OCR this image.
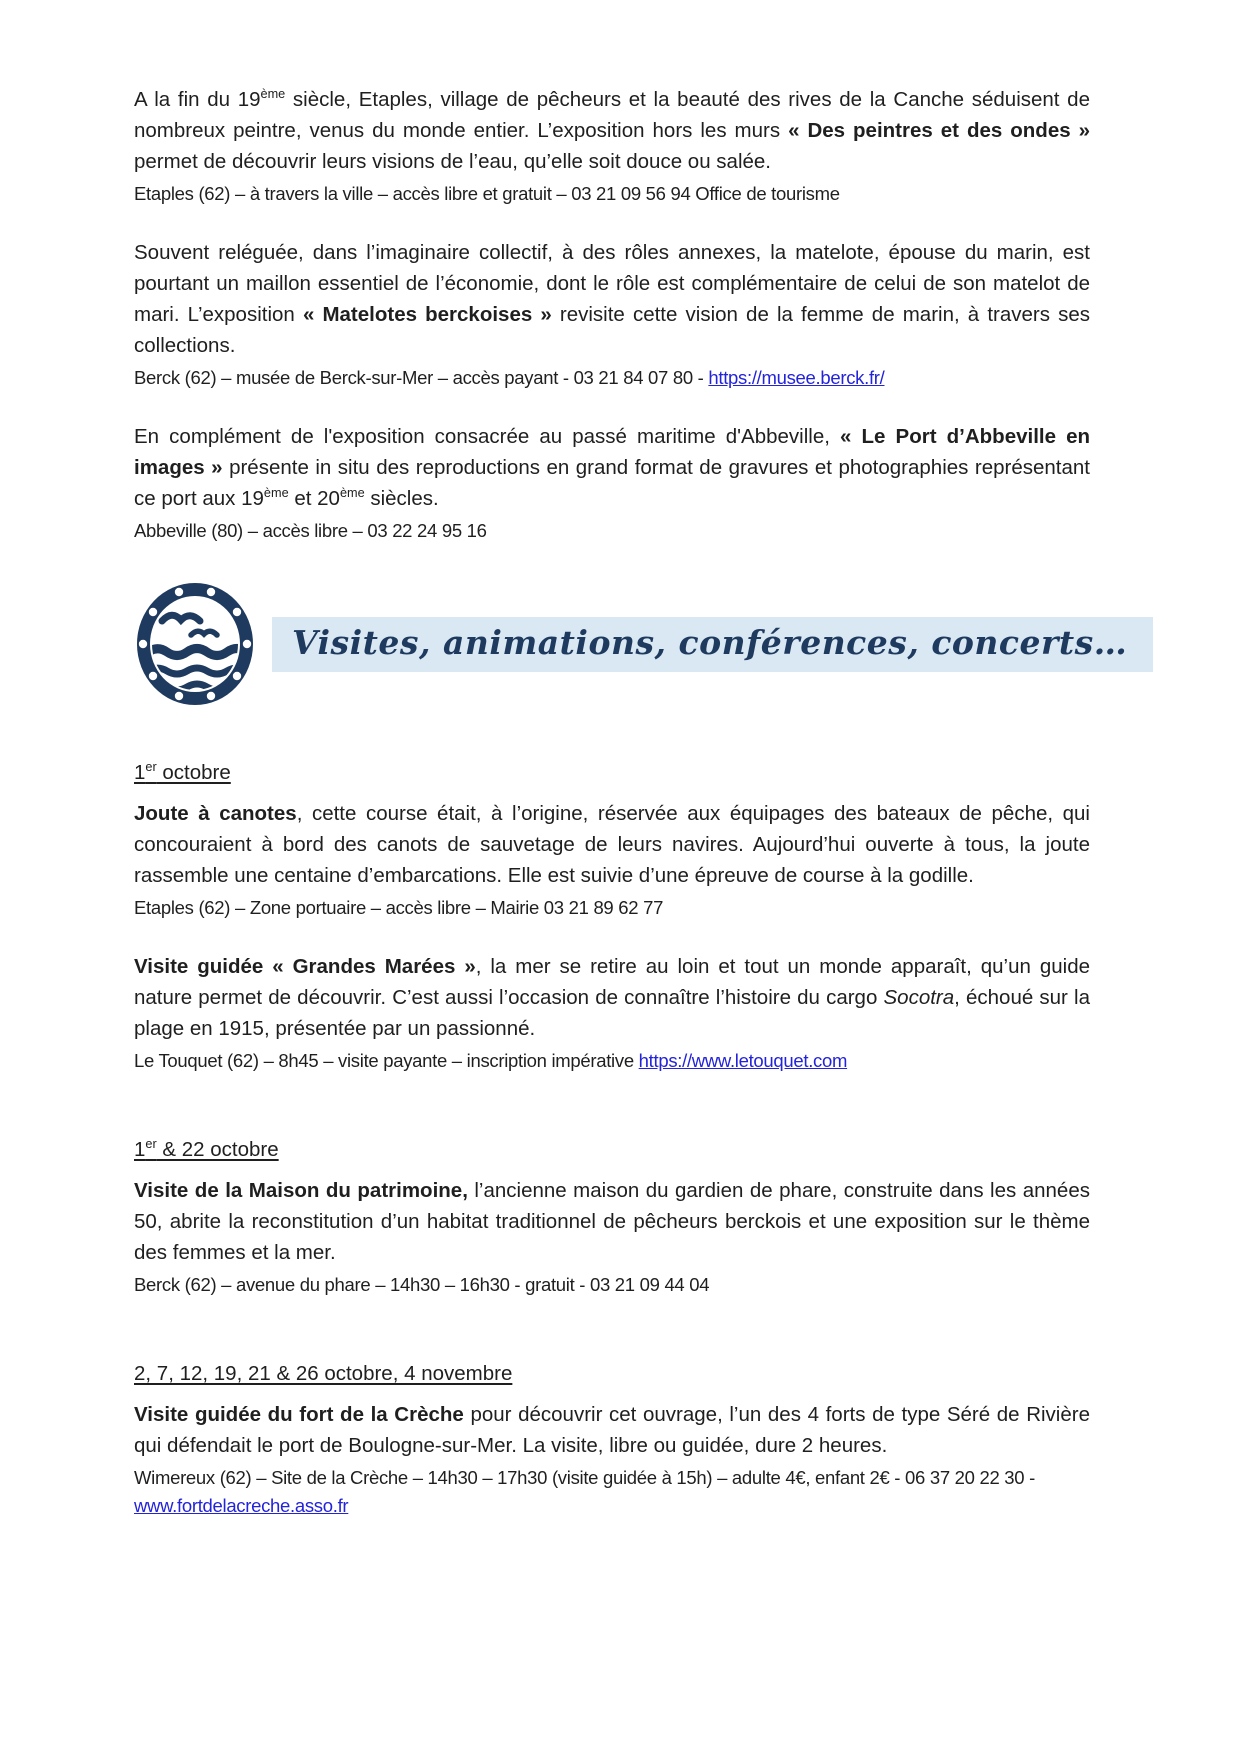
A la fin du 19ème siècle, Etaples, village de pêcheurs et la beauté des rives de la Canche séduisent de nombreux peintre, venus du monde entier. L’exposition hors les murs « Des peintres et des ondes » permet de découvrir leurs visions de l’eau, qu’elle soit douce ou salée.

Etaples (62) – à travers la ville – accès libre et gratuit – 03 21 09 56 94 Office de tourisme

Souvent reléguée, dans l’imaginaire collectif, à des rôles annexes, la matelote, épouse du marin, est pourtant un maillon essentiel de l’économie, dont le rôle est complémentaire de celui de son matelot de mari. L’exposition « Matelotes berckoises » revisite cette vision de la femme de marin, à travers ses collections.

Berck (62) – musée de Berck-sur-Mer – accès payant - 03 21 84 07 80 - https://musee.berck.fr/

En complément de l'exposition consacrée au passé maritime d'Abbeville, « Le Port d’Abbeville en images » présente in situ des reproductions en grand format de gravures et photographies représentant ce port aux 19ème et 20ème siècles.

Abbeville (80) – accès libre – 03 22 24 95 16

Visites, animations, conférences, concerts…
1er octobre

Joute à canotes, cette course était, à l’origine, réservée aux équipages des bateaux de pêche, qui concouraient à bord des canots de sauvetage de leurs navires. Aujourd’hui ouverte à tous, la joute rassemble une centaine d’embarcations. Elle est suivie d’une épreuve de course à la godille.

Etaples (62) – Zone portuaire – accès libre – Mairie 03 21 89 62 77

Visite guidée « Grandes Marées », la mer se retire au loin et tout un monde apparaît, qu’un guide nature permet de découvrir. C’est aussi l’occasion de connaître l’histoire du cargo Socotra, échoué sur la plage en 1915, présentée par un passionné.

Le Touquet (62) – 8h45 – visite payante – inscription impérative https://www.letouquet.com

1er & 22 octobre

Visite de la Maison du patrimoine, l’ancienne maison du gardien de phare, construite dans les années 50, abrite la reconstitution d’un habitat traditionnel de pêcheurs berckois et une exposition sur le thème des femmes et la mer.

Berck (62) – avenue du phare – 14h30 – 16h30 - gratuit - 03 21 09 44 04

2, 7, 12, 19, 21 & 26 octobre, 4 novembre

Visite guidée du fort de la Crèche pour découvrir cet ouvrage, l’un des 4 forts de type Séré de Rivière qui défendait le port de Boulogne-sur-Mer. La visite, libre ou guidée, dure 2 heures.

Wimereux (62) – Site de la Crèche – 14h30 – 17h30 (visite guidée à 15h) – adulte 4€, enfant 2€ - 06 37 20 22 30 - www.fortdelacreche.asso.fr
